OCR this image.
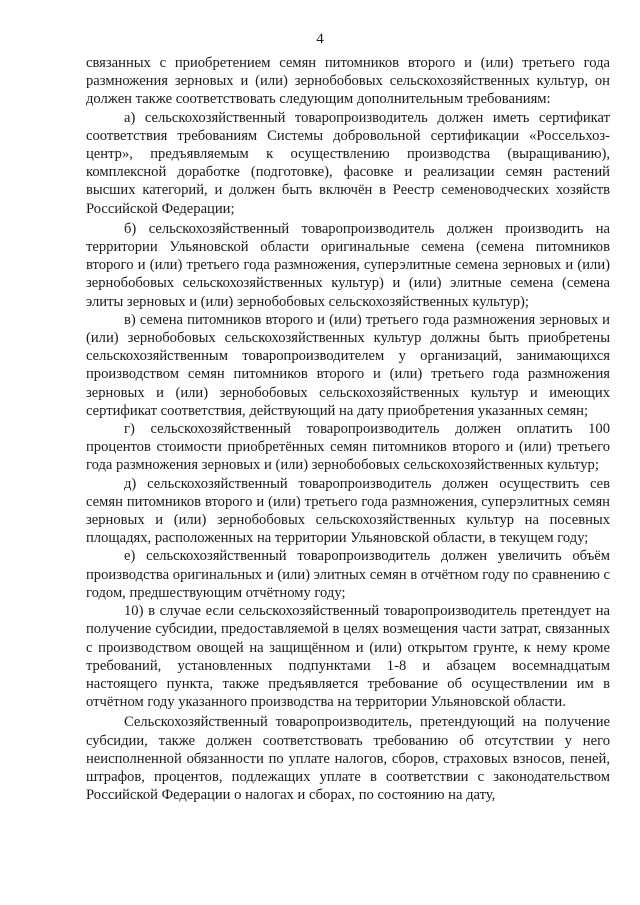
4

связанных с приобретением семян питомников второго и (или) третьего года размножения зерновых и (или) зернобобовых сельскохозяйственных культур, он должен также соответствовать следующим дополнительным требованиям:

а) сельскохозяйственный товаропроизводитель должен иметь сертификат соответствия требованиям Системы добровольной сертификации «Россельхоз-центр», предъявляемым к осуществлению производства (выращиванию), комплексной доработке (подготовке), фасовке и реализации семян растений высших категорий, и должен быть включён в Реестр семеноводческих хозяйств Российской Федерации;

б) сельскохозяйственный товаропроизводитель должен производить на территории Ульяновской области оригинальные семена (семена питомников второго и (или) третьего года размножения, суперэлитные семена зерновых и (или) зернобобовых сельскохозяйственных культур) и (или) элитные семена (семена элиты зерновых и (или) зернобобовых сельскохозяйственных культур);

в) семена питомников второго и (или) третьего года размножения зерновых и (или) зернобобовых сельскохозяйственных культур должны быть приобретены сельскохозяйственным товаропроизводителем у организаций, занимающихся производством семян питомников второго и (или) третьего года размножения зерновых и (или) зернобобовых сельскохозяйственных культур и имеющих сертификат соответствия, действующий на дату приобретения указанных семян;

г) сельскохозяйственный товаропроизводитель должен оплатить 100 процентов стоимости приобретённых семян питомников второго и (или) третьего года размножения зерновых и (или) зернобобовых сельскохозяйственных культур;

д) сельскохозяйственный товаропроизводитель должен осуществить сев семян питомников второго и (или) третьего года размножения, суперэлитных семян зерновых и (или) зернобобовых сельскохозяйственных культур на посевных площадях, расположенных на территории Ульяновской области, в текущем году;

е) сельскохозяйственный товаропроизводитель должен увеличить объём производства оригинальных и (или) элитных семян в отчётном году по сравнению с годом, предшествующим отчётному году;

10) в случае если сельскохозяйственный товаропроизводитель претендует на получение субсидии, предоставляемой в целях возмещения части затрат, связанных с производством овощей на защищённом и (или) открытом грунте, к нему кроме требований, установленных подпунктами 1-8 и абзацем восемнадцатым настоящего пункта, также предъявляется требование об осуществлении им в отчётном году указанного производства на территории Ульяновской области.

Сельскохозяйственный товаропроизводитель, претендующий на получение субсидии, также должен соответствовать требованию об отсутствии у него неисполненной обязанности по уплате налогов, сборов, страховых взносов, пеней, штрафов, процентов, подлежащих уплате в соответствии с законодательством Российской Федерации о налогах и сборах, по состоянию на дату,
